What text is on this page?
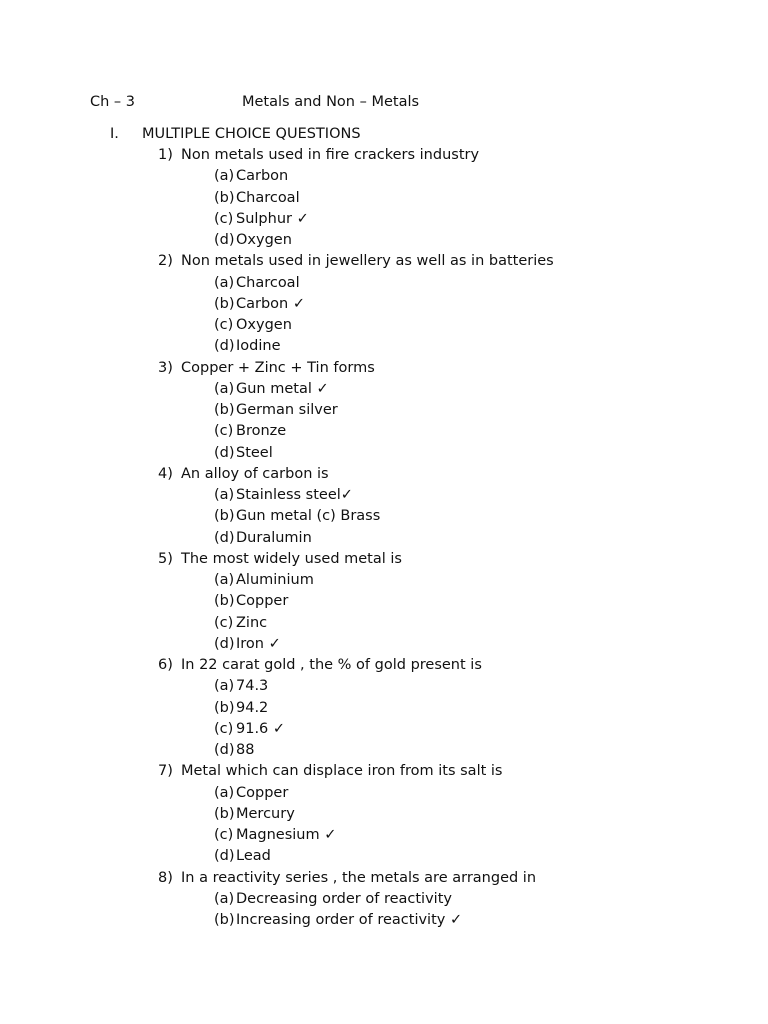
Ch – 3	Metals and Non – Metals
I. MULTIPLE CHOICE QUESTIONS
1) Non metals used in fire crackers industry
(a) Carbon
(b) Charcoal
(c) Sulphur ✓
(d) Oxygen
2) Non metals used in jewellery as well as in batteries
(a) Charcoal
(b) Carbon ✓
(c) Oxygen
(d) Iodine
3) Copper + Zinc + Tin forms
(a) Gun metal ✓
(b) German silver
(c) Bronze
(d) Steel
4) An alloy of carbon is
(a) Stainless steel✓
(b) Gun metal (c) Brass
(d) Duralumin
5) The most widely used metal is
(a) Aluminium
(b) Copper
(c) Zinc
(d) Iron ✓
6) In 22 carat gold , the % of gold present is
(a) 74.3
(b) 94.2
(c) 91.6 ✓
(d) 88
7) Metal which can displace iron from its salt is
(a) Copper
(b) Mercury
(c) Magnesium ✓
(d) Lead
8) In a reactivity series , the metals are arranged in
(a) Decreasing order of reactivity
(b) Increasing order of reactivity ✓
